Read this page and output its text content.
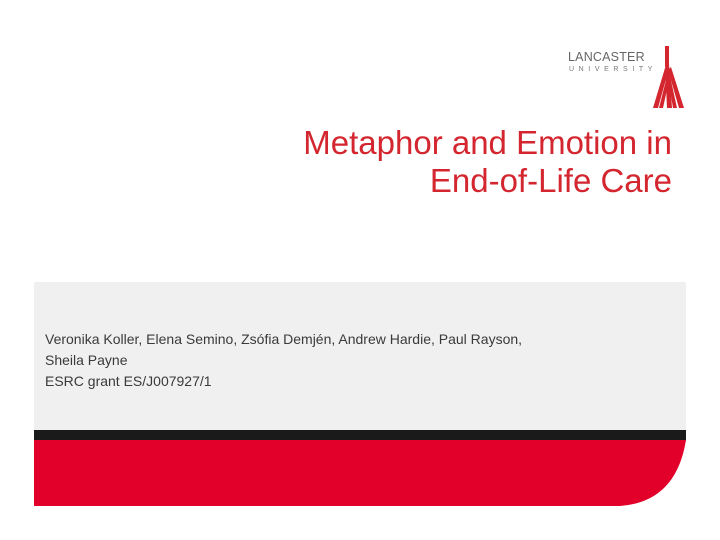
LANCASTER
UNIVERSITY
Metaphor and Emotion in
End-of-Life Care
Veronika Koller, Elena Semino, Zsófia Demjén, Andrew Hardie, Paul Rayson,
Sheila Payne
ESRC grant ES/J007927/1
